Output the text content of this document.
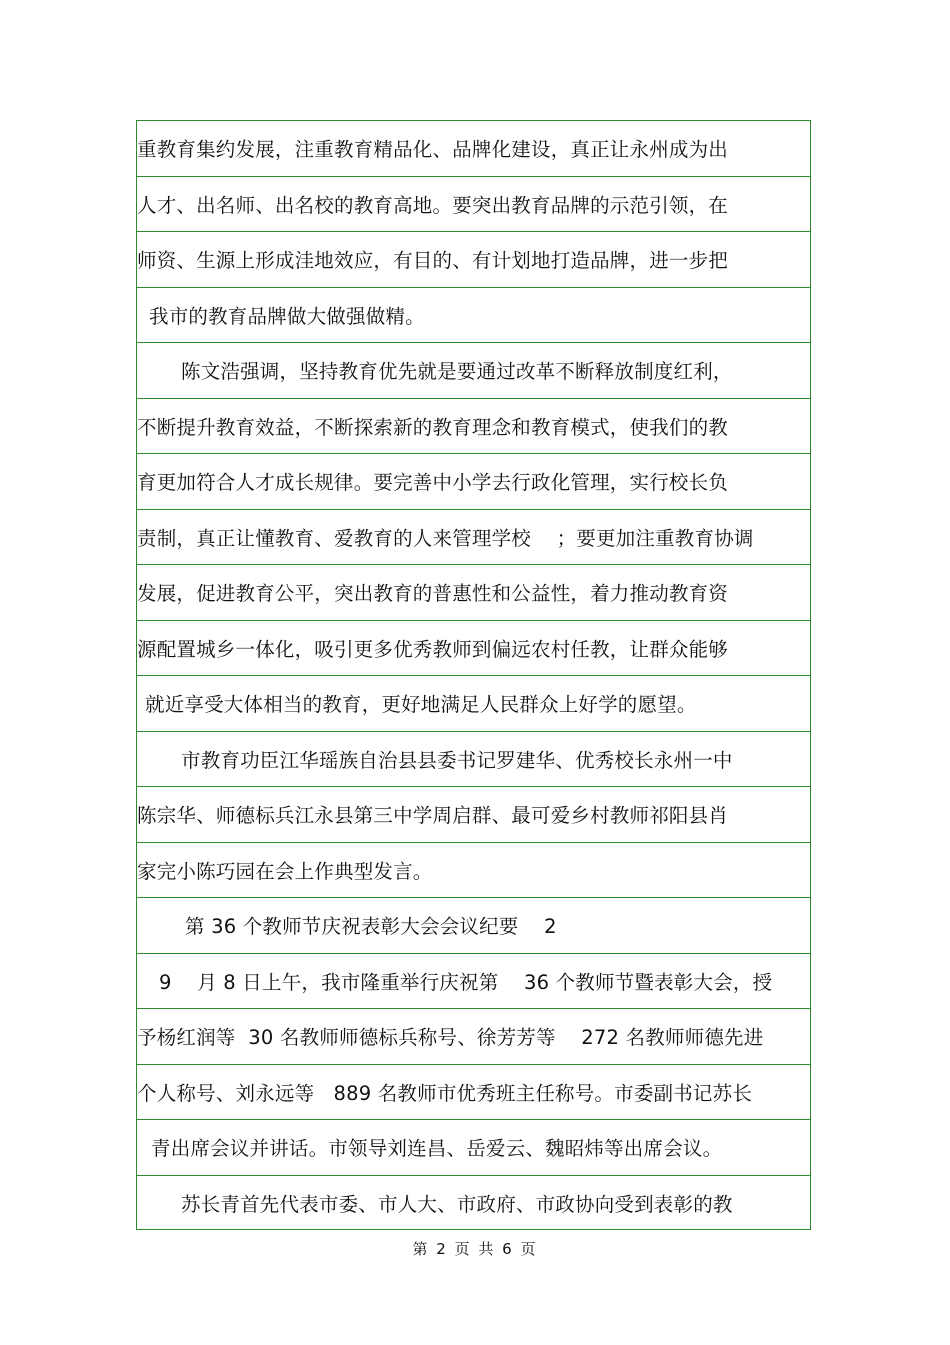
重教育集约发展，注重教育精品化、品牌化建设，真正让永州成为出
人才、出名师、出名校的教育高地。要突出教育品牌的示范引领，在
师资、生源上形成洼地效应，有目的、有计划地打造品牌，进一步把
我市的教育品牌做大做强做精。
陈文浩强调，坚持教育优先就是要通过改革不断释放制度红利，
不断提升教育效益，不断探索新的教育理念和教育模式，使我们的教
育更加符合人才成长规律。要完善中小学去行政化管理，实行校长负
责制，真正让懂教育、爱教育的人来管理学校    ；要更加注重教育协调
发展，促进教育公平，突出教育的普惠性和公益性，着力推动教育资
源配置城乡一体化，吸引更多优秀教师到偏远农村任教，让群众能够
就近享受大体相当的教育，更好地满足人民群众上好学的愿望。
市教育功臣江华瑶族自治县县委书记罗建华、优秀校长永州一中
陈宗华、师德标兵江永县第三中学周启群、最可爱乡村教师祁阳县肖
家完小陈巧园在会上作典型发言。
第 36 个教师节庆祝表彰大会会议纪要    2
9    月 8 日上午，我市隆重举行庆祝第    36 个教师节暨表彰大会，授
予杨红润等  30 名教师师德标兵称号、徐芳芳等    272 名教师师德先进
个人称号、刘永远等   889 名教师市优秀班主任称号。市委副书记苏长
青出席会议并讲话。市领导刘连昌、岳爱云、魏昭炜等出席会议。
苏长青首先代表市委、市人大、市政府、市政协向受到表彰的教
第 2 页 共 6 页
